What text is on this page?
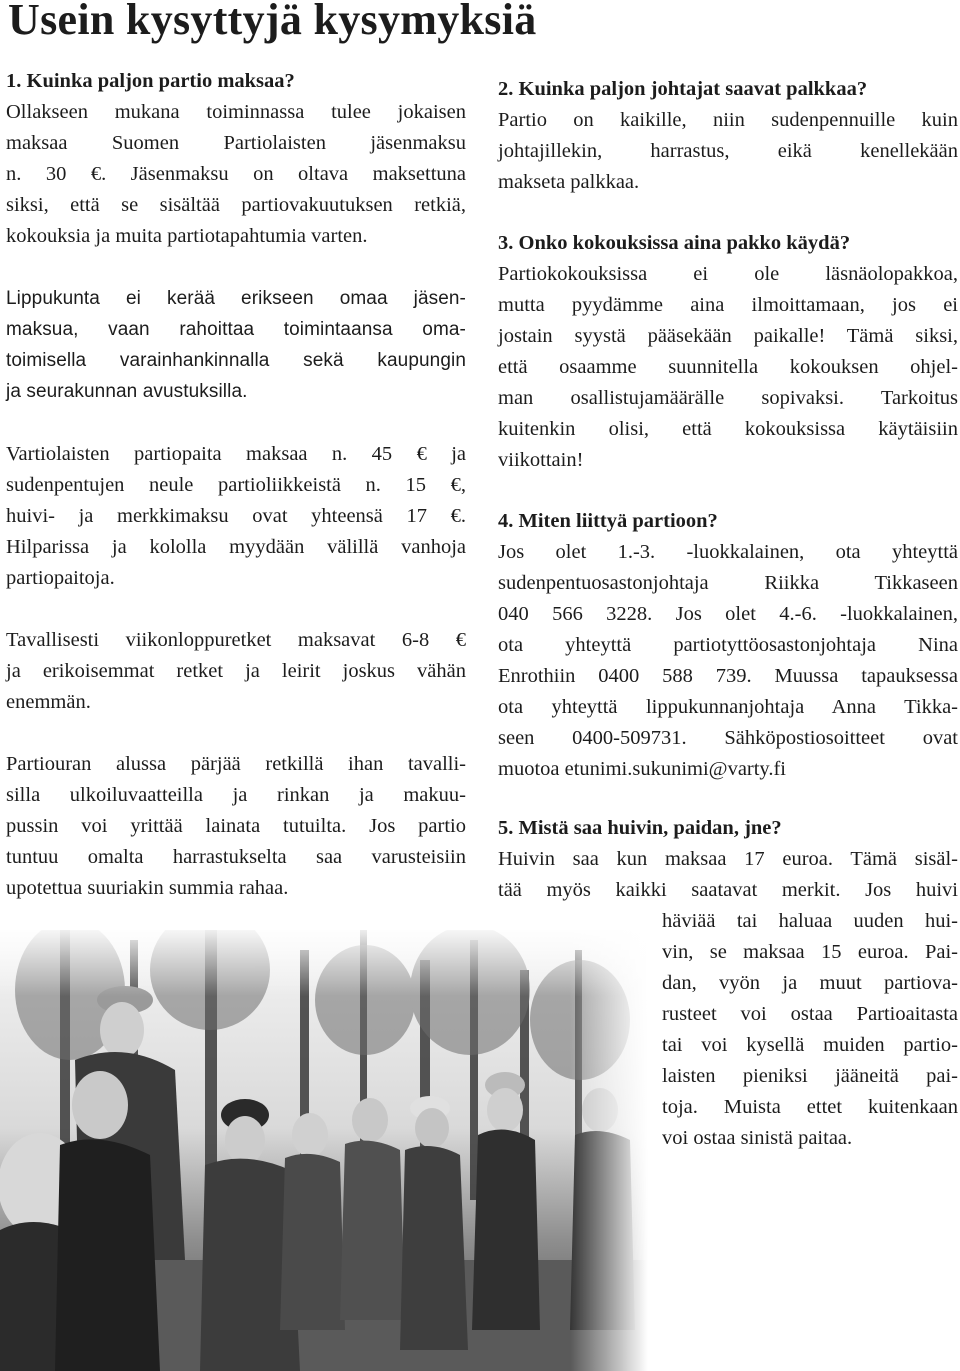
Usein kysyttyjä kysymyksiä
1. Kuinka paljon partio maksaa?
Ollakseen mukana toiminnassa tulee jokaisen
maksaa Suomen Partiolaisten jäsenmaksu
n. 30 €. Jäsenmaksu on oltava maksettuna
siksi, että se sisältää partiovakuutuksen retkiä,
kokouksia ja muita partiotapahtumia varten.
Lippukunta ei kerää erikseen omaa jäsen-
maksua, vaan rahoittaa toimintaansa oma-
toimisella varainhankinnalla sekä kaupungin
ja seurakunnan avustuksilla.
Vartiolaisten partiopaita maksaa n. 45 € ja
sudenpentujen neule partioliikkeistä n. 15 €,
huivi- ja merkkimaksu ovat yhteensä 17 €.
Hilparissa ja kololla myydään välillä vanhoja
partiopaitoja.
Tavallisesti viikonloppuretket maksavat 6-8 €
ja erikoisemmat retket ja leirit joskus vähän
enemmän.
Partiouran alussa pärjää retkillä ihan tavalli-
silla ulkoiluvaatteilla ja rinkan ja makuu-
pussin voi yrittää lainata tutuilta. Jos partio
tuntuu omalta harrastukselta saa varusteisiin
upotettua suuriakin summia rahaa.
2. Kuinka paljon johtajat saavat palkkaa?
Partio on kaikille, niin sudenpennuille kuin
johtajillekin, harrastus, eikä kenellekään
makseta palkkaa.
3. Onko kokouksissa aina pakko käydä?
Partiokokouksissa ei ole läsnäolopakkoa,
mutta pyydämme aina ilmoittamaan, jos ei
jostain syystä pääsekään paikalle! Tämä siksi,
että osaamme suunnitella kokouksen ohjel-
man osallistujamäärälle sopivaksi. Tarkoitus
kuitenkin olisi, että kokouksissa käytäisiin
viikottain!
4. Miten liittyä partioon?
Jos olet 1.-3. -luokkalainen, ota yhteyttä
sudenpentuosastonjohtaja Riikka Tikkaseen
040 566 3228. Jos olet 4.-6. -luokkalainen,
ota yhteyttä partiotyttöosastonjohtaja Nina
Enrothiin 0400 588 739. Muussa tapauksessa
ota yhteyttä lippukunnanjohtaja Anna Tikka-
seen 0400-509731. Sähköpostiosoitteet ovat
muotoa etunimi.sukunimi@varty.fi
5. Mistä saa huivin, paidan, jne?
Huivin saa kun maksaa 17 euroa. Tämä sisäl-
tää myös kaikki saatavat merkit. Jos huivi
häviää tai haluaa uuden hui-
vin, se maksaa 15 euroa. Pai-
dan, vyön ja muut partiova-
rusteet voi ostaa Partioaitasta
tai voi kysellä muiden partio-
laisten pieniksi jääneitä pai-
toja. Muista ettet kuitenkaan
voi ostaa sinistä paitaa.
